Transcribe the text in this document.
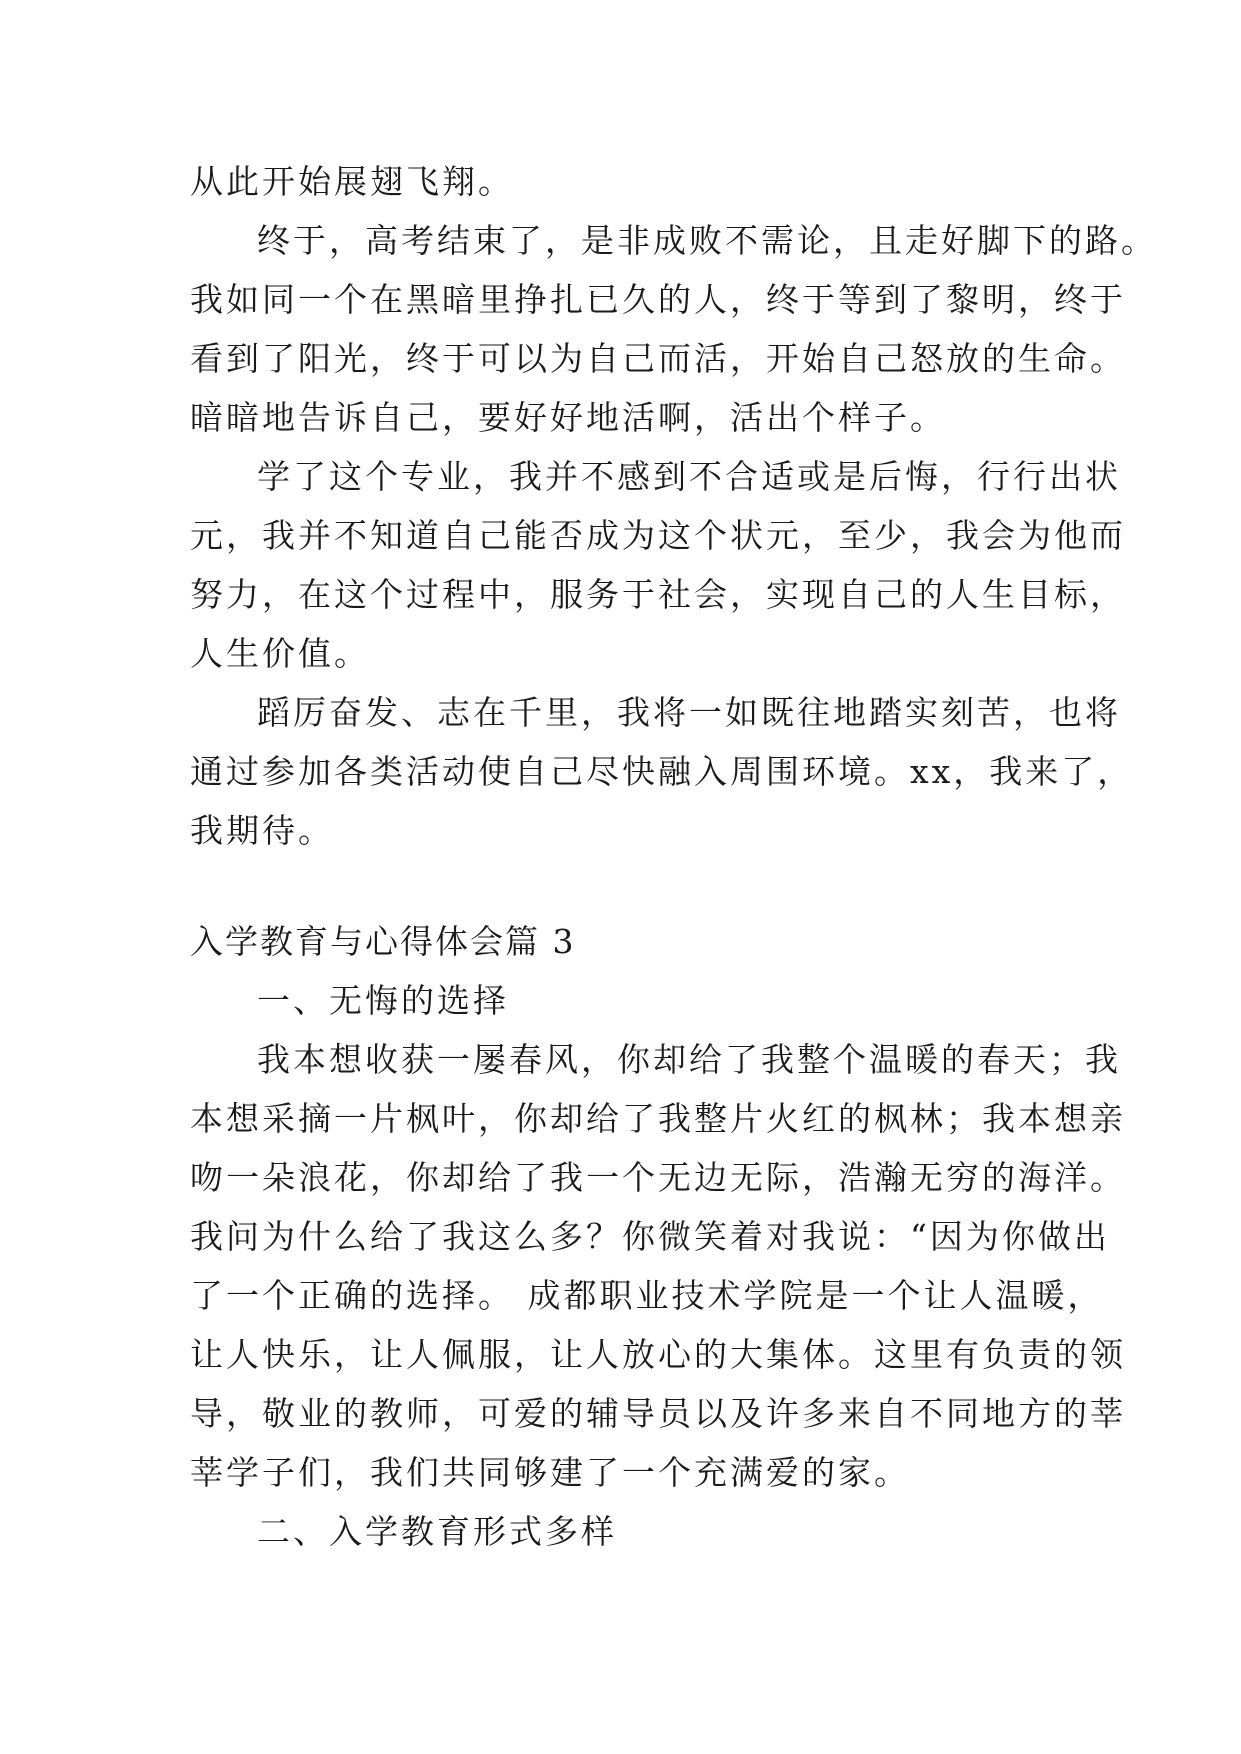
从此开始展翅飞翔。
终于，高考结束了，是非成败不需论，且走好脚下的路。
我如同一个在黑暗里挣扎已久的人，终于等到了黎明，终于
看到了阳光，终于可以为自己而活，开始自己怒放的生命。
暗暗地告诉自己，要好好地活啊，活出个样子。
学了这个专业，我并不感到不合适或是后悔，行行出状
元，我并不知道自己能否成为这个状元，至少，我会为他而
努力，在这个过程中，服务于社会，实现自己的人生目标，
人生价值。
蹈厉奋发、志在千里，我将一如既往地踏实刻苦，也将
通过参加各类活动使自己尽快融入周围环境。xx，我来了，
我期待。
入学教育与心得体会篇 3
一、无悔的选择
我本想收获一屡春风，你却给了我整个温暖的春天；我
本想采摘一片枫叶，你却给了我整片火红的枫林；我本想亲
吻一朵浪花，你却给了我一个无边无际，浩瀚无穷的海洋。
我问为什么给了我这么多？你微笑着对我说：“因为你做出
了一个正确的选择。 成都职业技术学院是一个让人温暖，
让人快乐，让人佩服，让人放心的大集体。这里有负责的领
导，敬业的教师，可爱的辅导员以及许多来自不同地方的莘
莘学子们，我们共同够建了一个充满爱的家。
二、入学教育形式多样
